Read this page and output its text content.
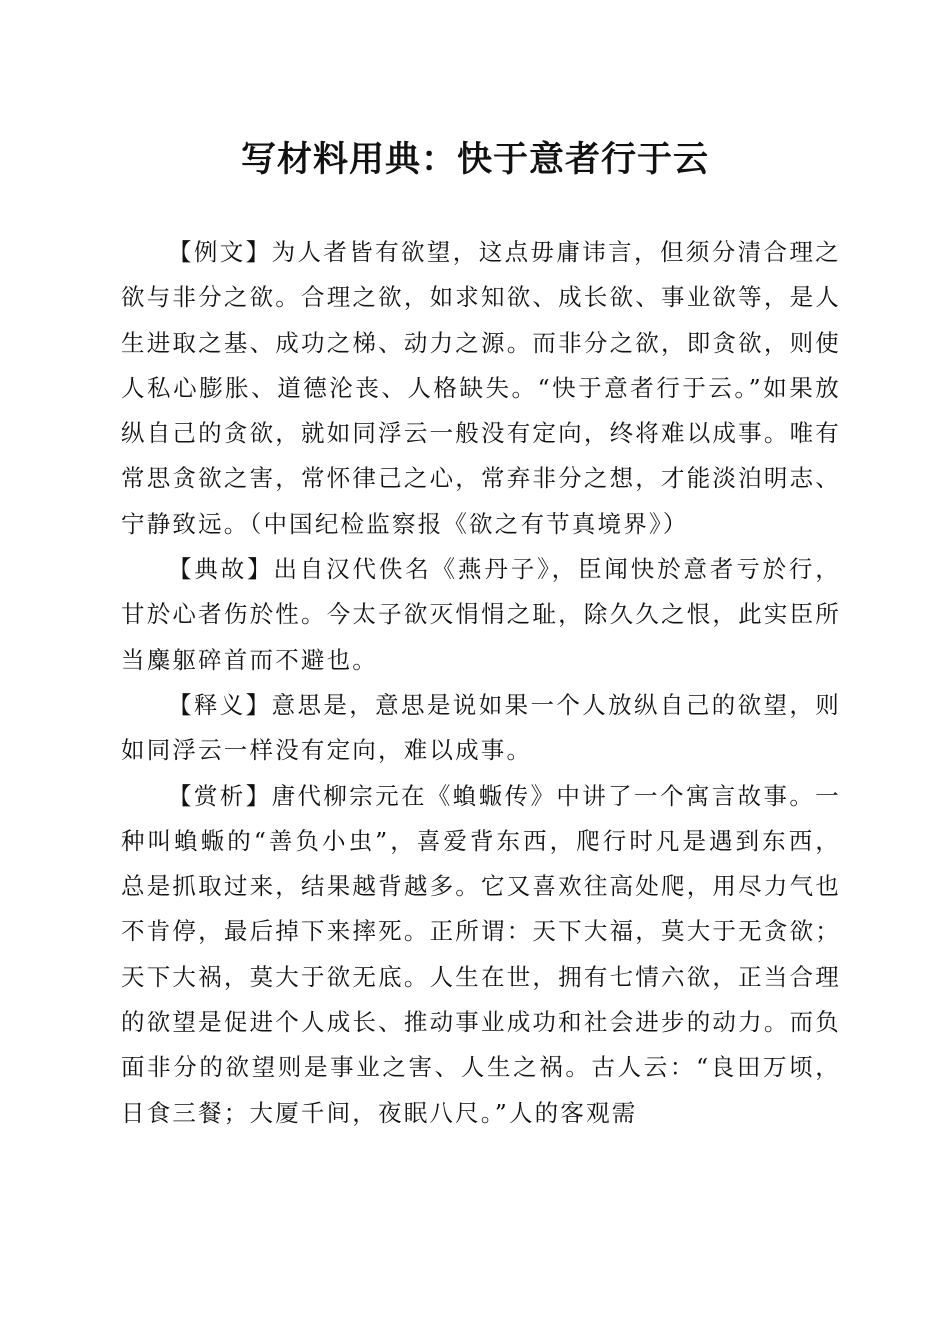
写材料用典：快于意者行于云

【例文】为人者皆有欲望，这点毋庸讳言，但须分清合理之欲与非分之欲。合理之欲，如求知欲、成长欲、事业欲等，是人生进取之基、成功之梯、动力之源。而非分之欲，即贪欲，则使人私心膨胀、道德沦丧、人格缺失。“快于意者行于云。”如果放纵自己的贪欲，就如同浮云一般没有定向，终将难以成事。唯有常思贪欲之害，常怀律己之心，常弃非分之想，才能淡泊明志、宁静致远。（中国纪检监察报《欲之有节真境界》）

【典故】出自汉代佚名《燕丹子》，臣闻快於意者亏於行，甘於心者伤於性。今太子欲灭悁悁之耻，除久久之恨，此实臣所当麋躯碎首而不避也。

【释义】意思是，意思是说如果一个人放纵自己的欲望，则如同浮云一样没有定向，难以成事。

【赏析】唐代柳宗元在《蝜蝂传》中讲了一个寓言故事。一种叫蝜蝂的“善负小虫”，喜爱背东西，爬行时凡是遇到东西，总是抓取过来，结果越背越多。它又喜欢往高处爬，用尽力气也不肯停，最后掉下来摔死。正所谓：天下大福，莫大于无贪欲；天下大祸，莫大于欲无底。人生在世，拥有七情六欲，正当合理的欲望是促进个人成长、推动事业成功和社会进步的动力。而负面非分的欲望则是事业之害、人生之祸。古人云：“良田万顷，日食三餐；大厦千间，夜眠八尺。”人的客观需
